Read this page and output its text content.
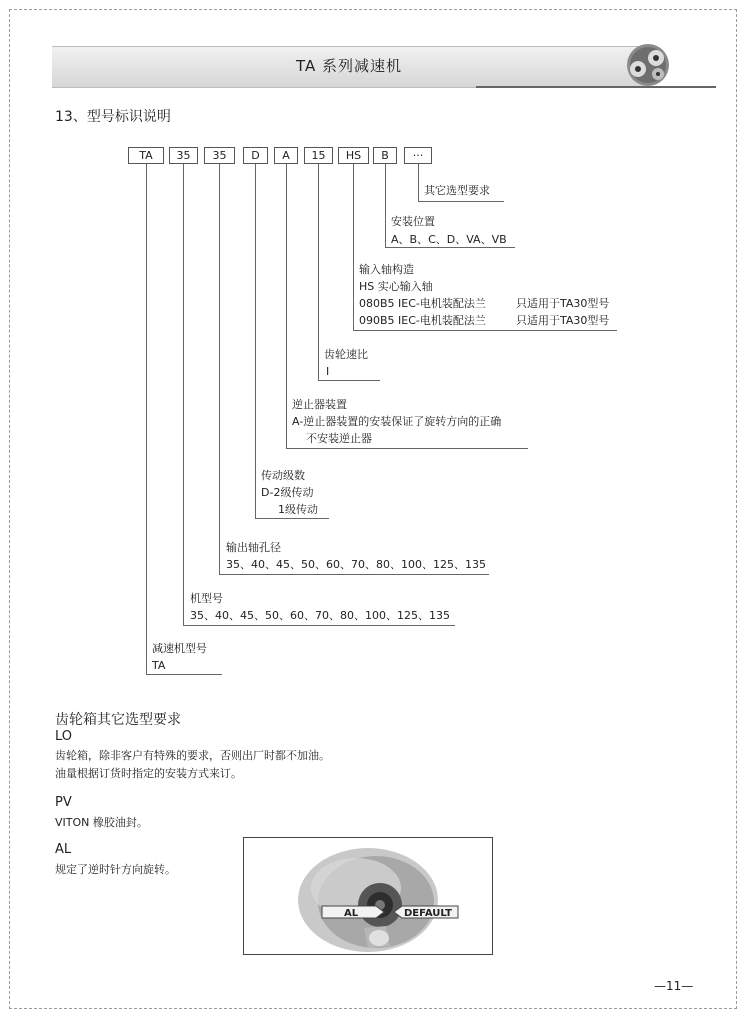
TA 系列减速机
13、型号标识说明
TA	35	35	D	A	15	HS	B	···
其它选型要求
安装位置
A、B、C、D、VA、VB
输入轴构造
HS 实心输入轴
080B5 IEC-电机装配法兰	只适用于TA30型号
090B5 IEC-电机装配法兰	只适用于TA30型号
齿轮速比
I
逆止器装置
A-逆止器装置的安装保证了旋转方向的正确
不安装逆止器
传动级数
D-2级传动
1级传动
输出轴孔径
35、40、45、50、60、70、80、100、125、135
机型号
35、40、45、50、60、70、80、100、125、135
减速机型号
TA
齿轮箱其它选型要求
LO
齿轮箱，除非客户有特殊的要求，否则出厂时都不加油。
油量根据订货时指定的安装方式来订。
PV
VITON 橡胶油封。
AL
规定了逆时针方向旋转。
AL	DEFAULT
—11—
